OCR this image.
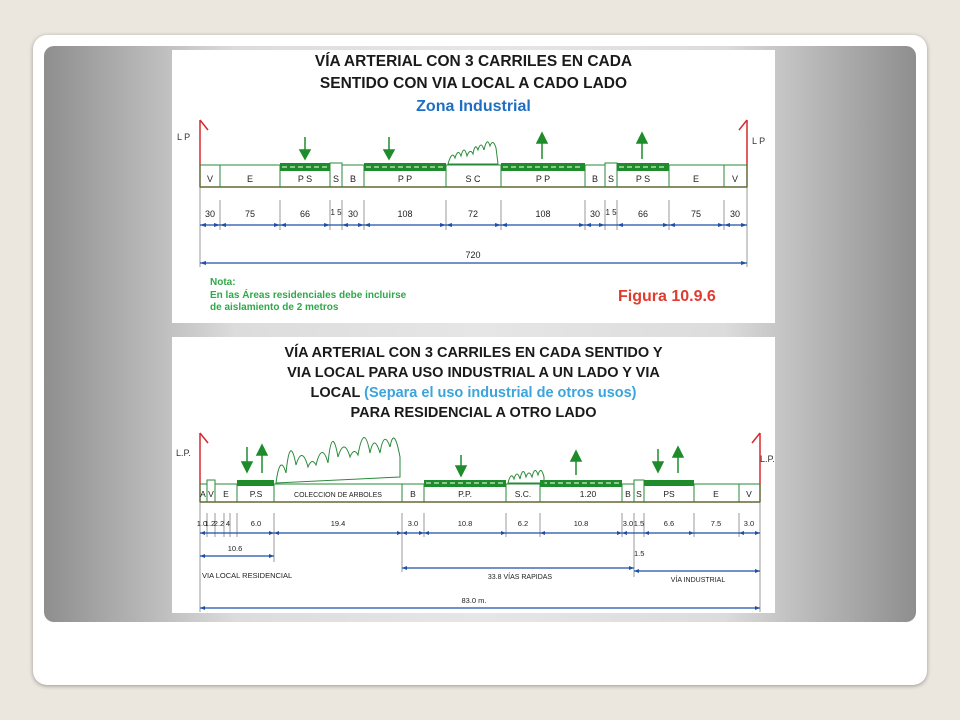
VÍA ARTERIAL CON 3 CARRILES EN CADA
SENTIDO CON VIA LOCAL A CADO LADO
Zona Industrial
L P	L P
V	E	P S S B	P P	S C	P P	B S P S	E	V
30	75	66	1 5 30	108	72	108	30 1 5 66	75	30
720
Nota:
En las Áreas residenciales debe incluirse
de aislamiento de 2 metros
Figura 10.9.6
VÍA ARTERIAL CON 3 CARRILES EN CADA SENTIDO Y
VIA LOCAL PARA USO INDUSTRIAL A UN LADO Y VIA
LOCAL (Separa el uso industrial de otros usos)
PARA RESIDENCIAL A OTRO LADO
L.P.
L.P.
A V E P.S	COLECCION DE ARBOLES	B	P.P.	S.C.	1.20	B S	PS	E	V
1.0
1.2
2.2 4	6.0	19.4	3.0	10.8	6.2	10.8	3.0 1.5	6.6	7.5	3.0
10.6
VIA LOCAL RESIDENCIAL	33.8 VÍAS RAPIDAS
1.5
VÍA INDUSTRIAL
83.0 m.
